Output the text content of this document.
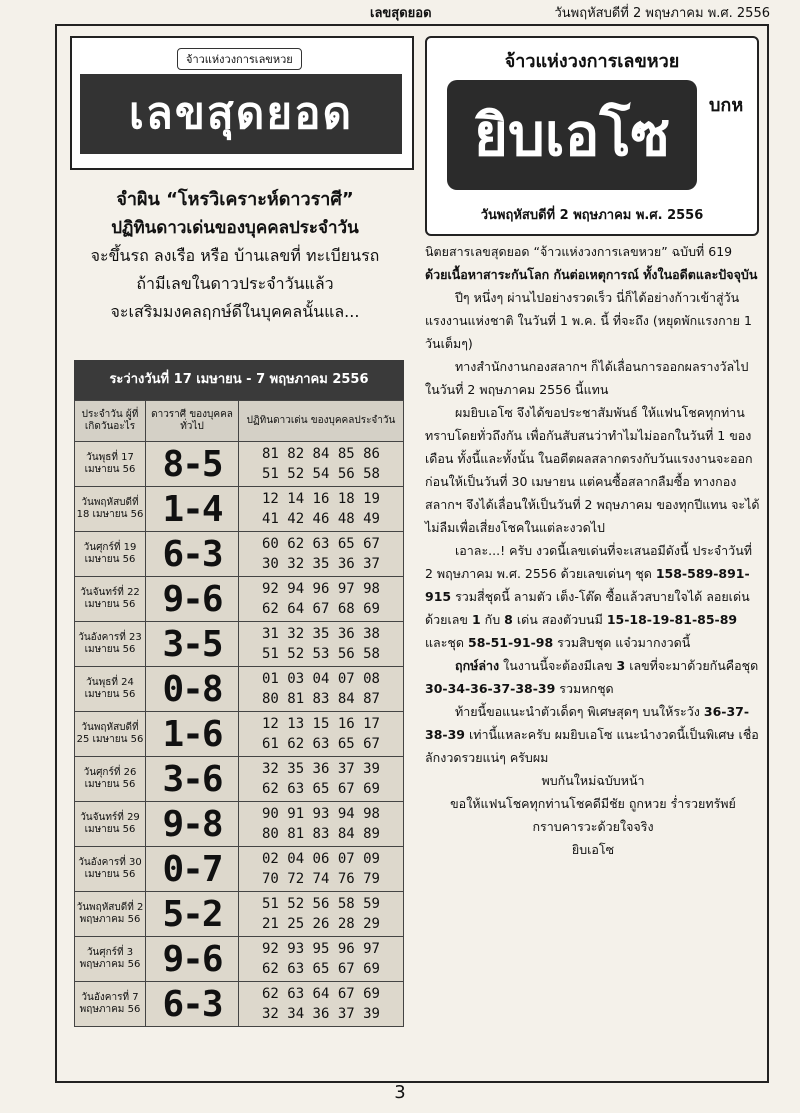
เลขสุดยอด	วันพฤหัสบดีที่ 2 พฤษภาคม พ.ศ. 2556
จ้าวแห่งวงการเลขหวย
เลขสุดยอด
จำผิน “โหรวิเคราะห์ดาวราศี”
ปฏิทินดาวเด่นของบุคคลประจำวัน
จะขึ้นรถ ลงเรือ หรือ บ้านเลขที่ ทะเบียนรถ
ถ้ามีเลขในดาวประจำวันแล้ว
จะเสริมมงคลฤกษ์ดีในบุคคลนั้นแล...
ระว่างวันที่ 17 เมษายน - 7 พฤษภาคม 2556
ประจำวัน ผู้ที่เกิดวันอะไร	ดาวราศี ของบุคคลทั่วไป	ปฏิทินดาวเด่น ของบุคคลประจำวัน
วันพุธที่ 17 เมษายน 56	8-5	81 82 84 85 86
51 52 54 56 58

วันพฤหัสบดีที่ 18 เมษายน 56	1-4	12 14 16 18 19
41 42 46 48 49

วันศุกร์ที่ 19 เมษายน 56	6-3	60 62 63 65 67
30 32 35 36 37

วันจันทร์ที่ 22 เมษายน 56	9-6	92 94 96 97 98
62 64 67 68 69

วันอังคารที่ 23 เมษายน 56	3-5	31 32 35 36 38
51 52 53 56 58

วันพุธที่ 24 เมษายน 56	0-8	01 03 04 07 08
80 81 83 84 87

วันพฤหัสบดีที่ 25 เมษายน 56	1-6	12 13 15 16 17
61 62 63 65 67

วันศุกร์ที่ 26 เมษายน 56	3-6	32 35 36 37 39
62 63 65 67 69

วันจันทร์ที่ 29 เมษายน 56	9-8	90 91 93 94 98
80 81 83 84 89

วันอังคารที่ 30 เมษายน 56	0-7	02 04 06 07 09
70 72 74 76 79

วันพฤหัสบดีที่ 2 พฤษภาคม 56	5-2	51 52 56 58 59
21 25 26 28 29

วันศุกร์ที่ 3 พฤษภาคม 56	9-6	92 93 95 96 97
62 63 65 67 69

วันอังคารที่ 7 พฤษภาคม 56	6-3	62 63 64 67 69
32 34 36 37 39
จ้าวแห่งวงการเลขหวย
ยิบเอโซ	บกห
วันพฤหัสบดีที่ 2 พฤษภาคม พ.ศ. 2556

นิตยสารเลขสุดยอด “จ้าวแห่งวงการเลขหวย” ฉบับที่ 619

ด้วยเนื้อหาสาระกันโลก กันต่อเหตุการณ์ ทั้งในอดีตและปัจจุบัน

ปีๆ หนึ่งๆ ผ่านไปอย่างรวดเร็ว นี่ก็ได้อย่างก้าวเข้าสู่วันแรงงานแห่งชาติ ในวันที่ 1 พ.ค. นี้ ที่จะถึง (หยุดพักแรงกาย 1 วันเต็มๆ)

ทางสำนักงานกองสลากฯ ก็ได้เลื่อนการออกผลรางวัลไปในวันที่ 2 พฤษภาคม 2556 นี้แทน

ผมยิบเอโซ จึงได้ขอประชาสัมพันธ์ ให้แฟนโชคทุกท่านทราบโดยทั่วถึงกัน เพื่อกันสับสนว่าทำไมไม่ออกในวันที่ 1 ของเดือน ทั้งนี้และทั้งนั้น ในอดีตผลสลากตรงกับวันแรงงานจะออกก่อนให้เป็นวันที่ 30 เมษายน แต่คนซื้อสลากลืมซื้อ ทางกองสลากฯ จึงได้เลื่อนให้เป็นวันที่ 2 พฤษภาคม ของทุกปีแทน จะได้ไม่ลืมเพื่อเสี่ยงโชคในแต่ละงวดไป

เอาละ...! ครับ งวดนี้เลขเด่นที่จะเสนอมีดังนี้ ประจำวันที่ 2 พฤษภาคม พ.ศ. 2556 ด้วยเลขเด่นๆ ชุด 158-589-891-915 รวมสี่ชุดนี้ ลามตัว เต็ง-โต๊ด ซื้อแล้วสบายใจได้ ลอยเด่นด้วยเลข 1 กับ 8 เด่น สองตัวบนมี 15-18-19-81-85-89 และชุด 58-51-91-98 รวมสิบชุด แจ๋วมากงวดนี้

ฤกษ์ล่าง ในงานนี้จะต้องมีเลข 3 เลขที่จะมาด้วยกันคือชุด 30-34-36-37-38-39 รวมหกชุด

ท้ายนี้ขอแนะนำตัวเด็ดๆ พิเศษสุดๆ บนให้ระวัง 36-37-38-39 เท่านี้แหละครับ ผมยิบเอโซ แนะนำงวดนี้เป็นพิเศษ เชื่อลักงวดรวยแน่ๆ ครับผม

พบกันใหม่ฉบับหน้า

ขอให้แฟนโชคทุกท่านโชคดีมีชัย ถูกหวย ร่ำรวยทรัพย์

กราบคารวะด้วยใจจริง

ยิบเอโซ

3
